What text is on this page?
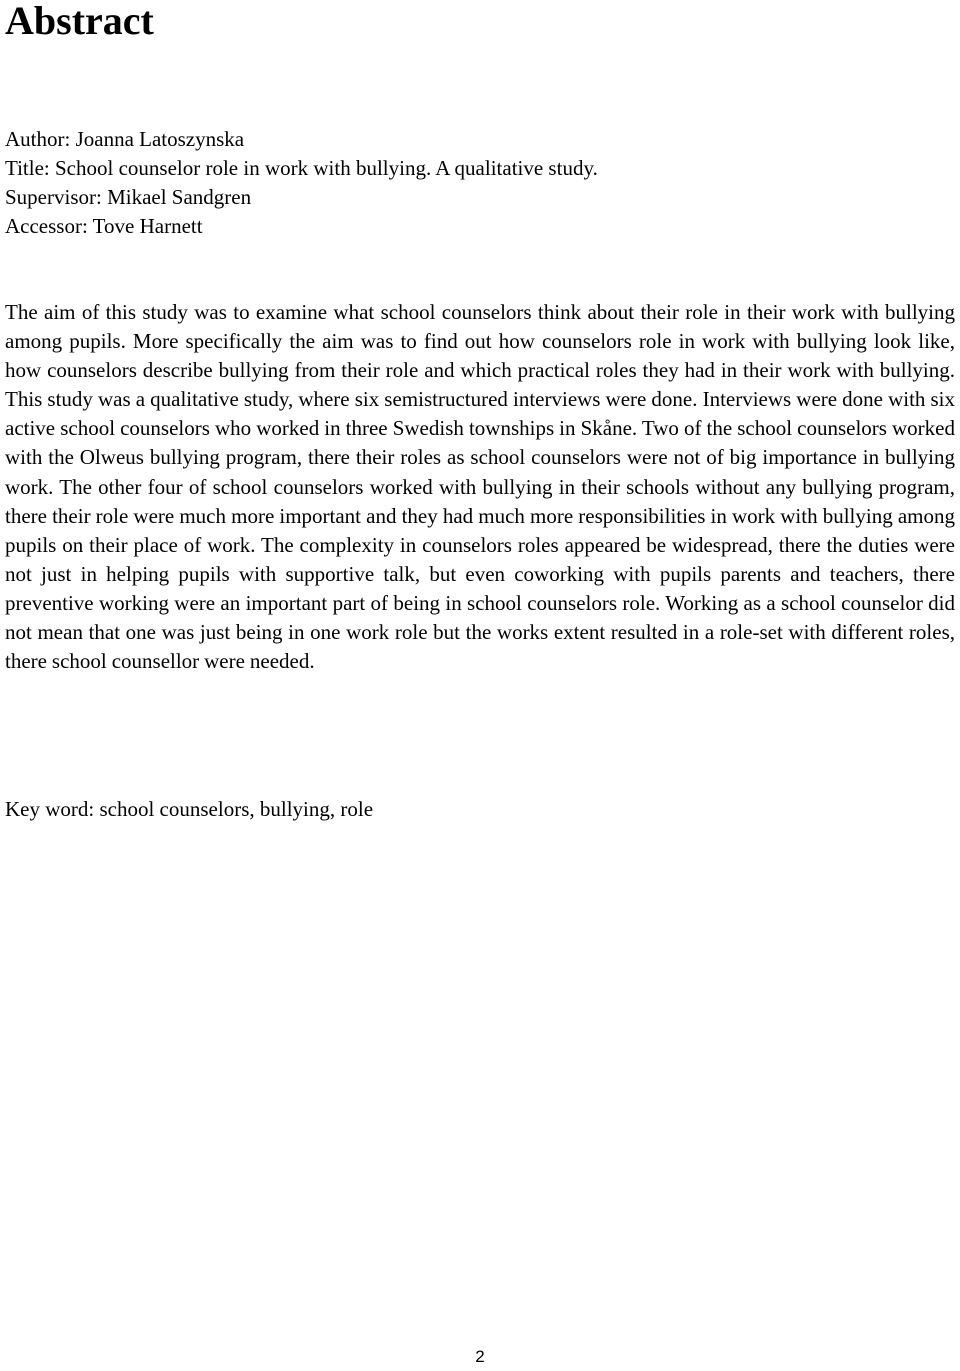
Abstract
Author: Joanna Latoszynska
Title: School counselor role in work with bullying. A qualitative study.
Supervisor: Mikael Sandgren
Accessor: Tove Harnett

The aim of this study was to examine what school counselors think about their role in their work with bullying among pupils. More specifically the aim was to find out how counselors role in work with bullying look like, how counselors describe bullying from their role and which practical roles they had in their work with bullying. This study was a qualitative study, where six semistructured interviews were done. Interviews were done with six active school counselors who worked in three Swedish townships in Skåne. Two of the school counselors worked with the Olweus bullying program, there their roles as school counselors were not of big importance in bullying work. The other four of school counselors worked with bullying in their schools without any bullying program, there their role were much more important and they had much more responsibilities in work with bullying among pupils on their place of work. The complexity in counselors roles appeared be widespread, there the duties were not just in helping pupils with supportive talk, but even coworking with pupils parents and teachers, there preventive working were an important part of being in school counselors role. Working as a school counselor did not mean that one was just being in one work role but the works extent resulted in a role-set with different roles, there school counsellor were needed.

Key word: school counselors, bullying, role
2
